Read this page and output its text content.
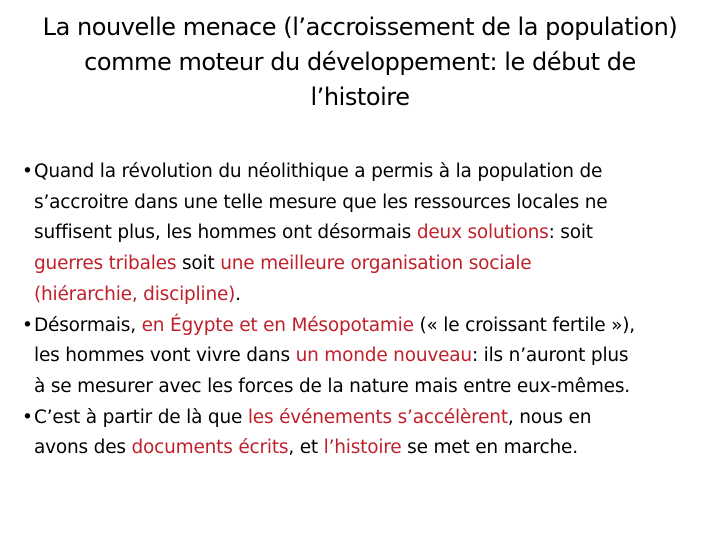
La nouvelle menace (l’accroissement de la population)
comme moteur du développement: le début de
l’histoire
• Quand la révolution du néolithique a permis à la population de
s’accroitre dans une telle mesure que les ressources locales ne
suffisent plus, les hommes ont désormais deux solutions: soit
guerres tribales soit une meilleure organisation sociale
(hiérarchie, discipline).
• Désormais, en Égypte et en Mésopotamie (« le croissant fertile »),
les hommes vont vivre dans un monde nouveau: ils n’auront plus
à se mesurer avec les forces de la nature mais entre eux-mêmes.
• C’est à partir de là que les événements s’accélèrent, nous en
avons des documents écrits, et l’histoire se met en marche.
